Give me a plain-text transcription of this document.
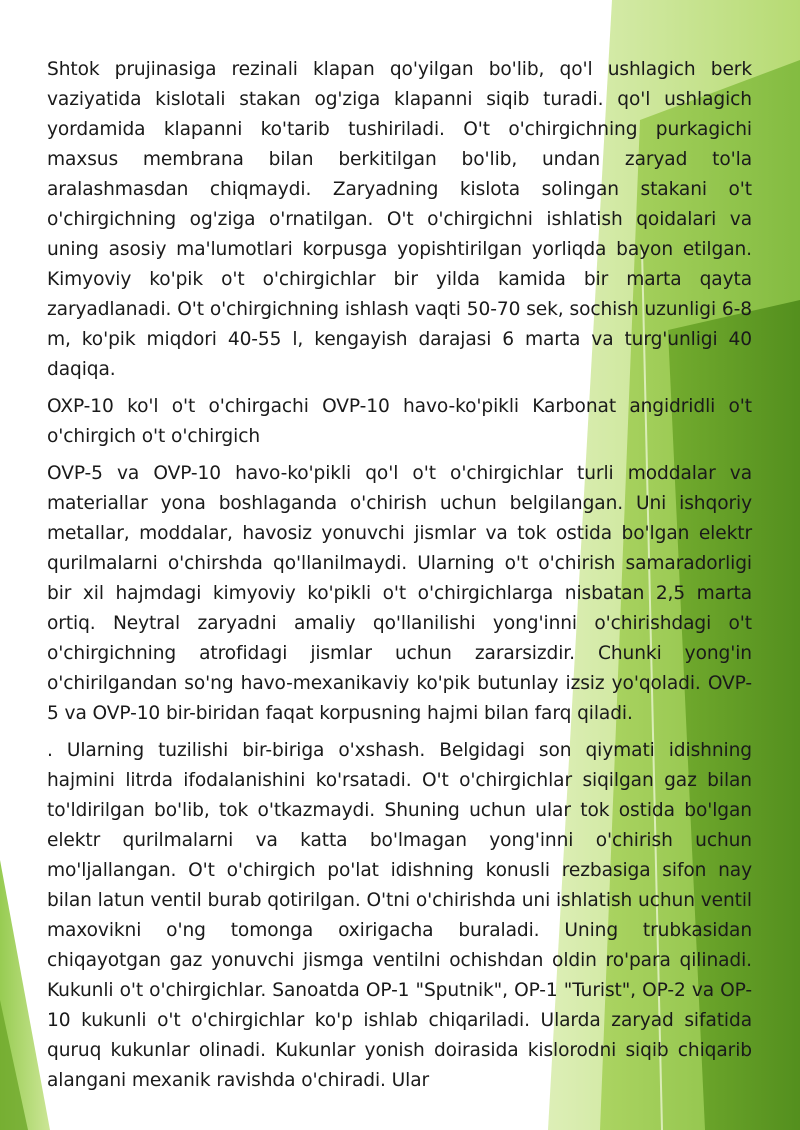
Shtok prujinasiga rezinali klapan qo'yilgan bo'lib, qo'l ushlagich berk vaziyatida kislotali stakan og'ziga klapanni siqib turadi. qo'l ushlagich yordamida klapanni ko'tarib tushiriladi. O't o'chirgichning purkagichi maxsus membrana bilan berkitilgan bo'lib, undan zaryad to'la aralashmasdan chiqmaydi. Zaryadning kislota solingan stakani o't o'chirgichning og'ziga o'rnatilgan. O't o'chirgichni ishlatish qoidalari va uning asosiy ma'lumotlari korpusga yopishtirilgan yorliqda bayon etilgan. Kimyoviy ko'pik o't o'chirgichlar bir yilda kamida bir marta qayta zaryadlanadi. O't o'chirgichning ishlash vaqti 50-70 sek, sochish uzunligi 6-8 m, ko'pik miqdori 40-55 l, kengayish darajasi 6 marta va turg'unligi 40 daqiqa.

OXP-10 ko'l o't o'chirgachi OVP-10 havo-ko'pikli Karbonat angidridli o't o'chirgich o't o'chirgich

OVP-5 va OVP-10 havo-ko'pikli qo'l o't o'chirgichlar turli moddalar va materiallar yona boshlaganda o'chirish uchun belgilangan. Uni ishqoriy metallar, moddalar, havosiz yonuvchi jismlar va tok ostida bo'lgan elektr qurilmalarni o'chirshda qo'llanilmaydi. Ularning o't o'chirish samaradorligi bir xil hajmdagi kimyoviy ko'pikli o't o'chirgichlarga nisbatan 2,5 marta ortiq. Neytral zaryadni amaliy qo'llanilishi yong'inni o'chirishdagi o't o'chirgichning atrofidagi jismlar uchun zararsizdir. Chunki yong'in o'chirilgandan so'ng havo-mexanikaviy ko'pik butunlay izsiz yo'qoladi. OVP-5 va OVP-10 bir-biridan faqat korpusning hajmi bilan farq qiladi.

. Ularning tuzilishi bir-biriga o'xshash. Belgidagi son qiymati idishning hajmini litrda ifodalanishini ko'rsatadi. O't o'chirgichlar siqilgan gaz bilan to'ldirilgan bo'lib, tok o'tkazmaydi. Shuning uchun ular tok ostida bo'lgan elektr qurilmalarni va katta bo'lmagan yong'inni o'chirish uchun mo'ljallangan. O't o'chirgich po'lat idishning konusli rezbasiga sifon nay bilan latun ventil burab qotirilgan. O'tni o'chirishda uni ishlatish uchun ventil maxovikni o'ng tomonga oxirigacha buraladi. Uning trubkasidan chiqayotgan gaz yonuvchi jismga ventilni ochishdan oldin ro'para qilinadi. Kukunli o't o'chirgichlar. Sanoatda OP-1 "Sputnik", OP-1 "Turist", OP-2 va OP-10 kukunli o't o'chirgichlar ko'p ishlab chiqariladi. Ularda zaryad sifatida quruq kukunlar olinadi. Kukunlar yonish doirasida kislorodni siqib chiqarib alangani mexanik ravishda o'chiradi. Ular
